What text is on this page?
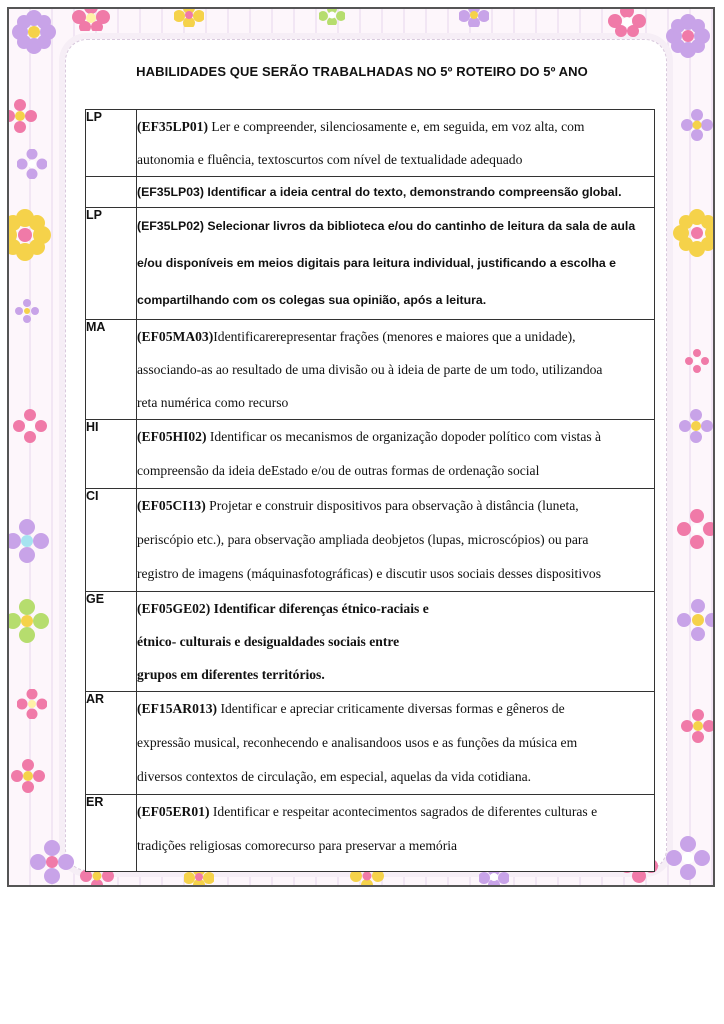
HABILIDADES QUE SERÃO TRABALHADAS NO 5º ROTEIRO DO 5º ANO
LP	(EF35LP01) Ler e compreender, silenciosamente e, em seguida, em voz alta, com
autonomia e fluência, textoscurtos com nível de textualidade adequado

	(EF35LP03) Identificar a ideia central do texto, demonstrando compreensão global.

LP	(EF35LP02) Selecionar livros da biblioteca e/ou do cantinho de leitura da sala de aula
e/ou disponíveis em meios digitais para leitura individual, justificando a escolha e
compartilhando com os colegas sua opinião, após a leitura.

MA	(EF05MA03)Identificarerepresentar frações (menores e maiores que a unidade),
associando-as ao resultado de uma divisão ou à ideia de parte de um todo, utilizandoa
reta numérica como recurso

HI	(EF05HI02) Identificar os mecanismos de organização dopoder político com vistas à
compreensão da ideia deEstado e/ou de outras formas de ordenação social

CI	(EF05CI13) Projetar e construir dispositivos para observação à distância (luneta,
periscópio etc.), para observação ampliada deobjetos (lupas, microscópios) ou para
registro de imagens (máquinasfotográficas) e discutir usos sociais desses dispositivos

GE	(EF05GE02) Identificar diferenças étnico-raciais e
étnico- culturais e desigualdades sociais entre
grupos em diferentes territórios.

AR	(EF15AR013) Identificar e apreciar criticamente diversas formas e gêneros de
expressão musical, reconhecendo e analisandoos usos e as funções da música em
diversos contextos de circulação, em especial, aquelas da vida cotidiana.

ER	(EF05ER01) Identificar e respeitar acontecimentos sagrados de diferentes culturas e
tradições religiosas comorecurso para preservar a memória
